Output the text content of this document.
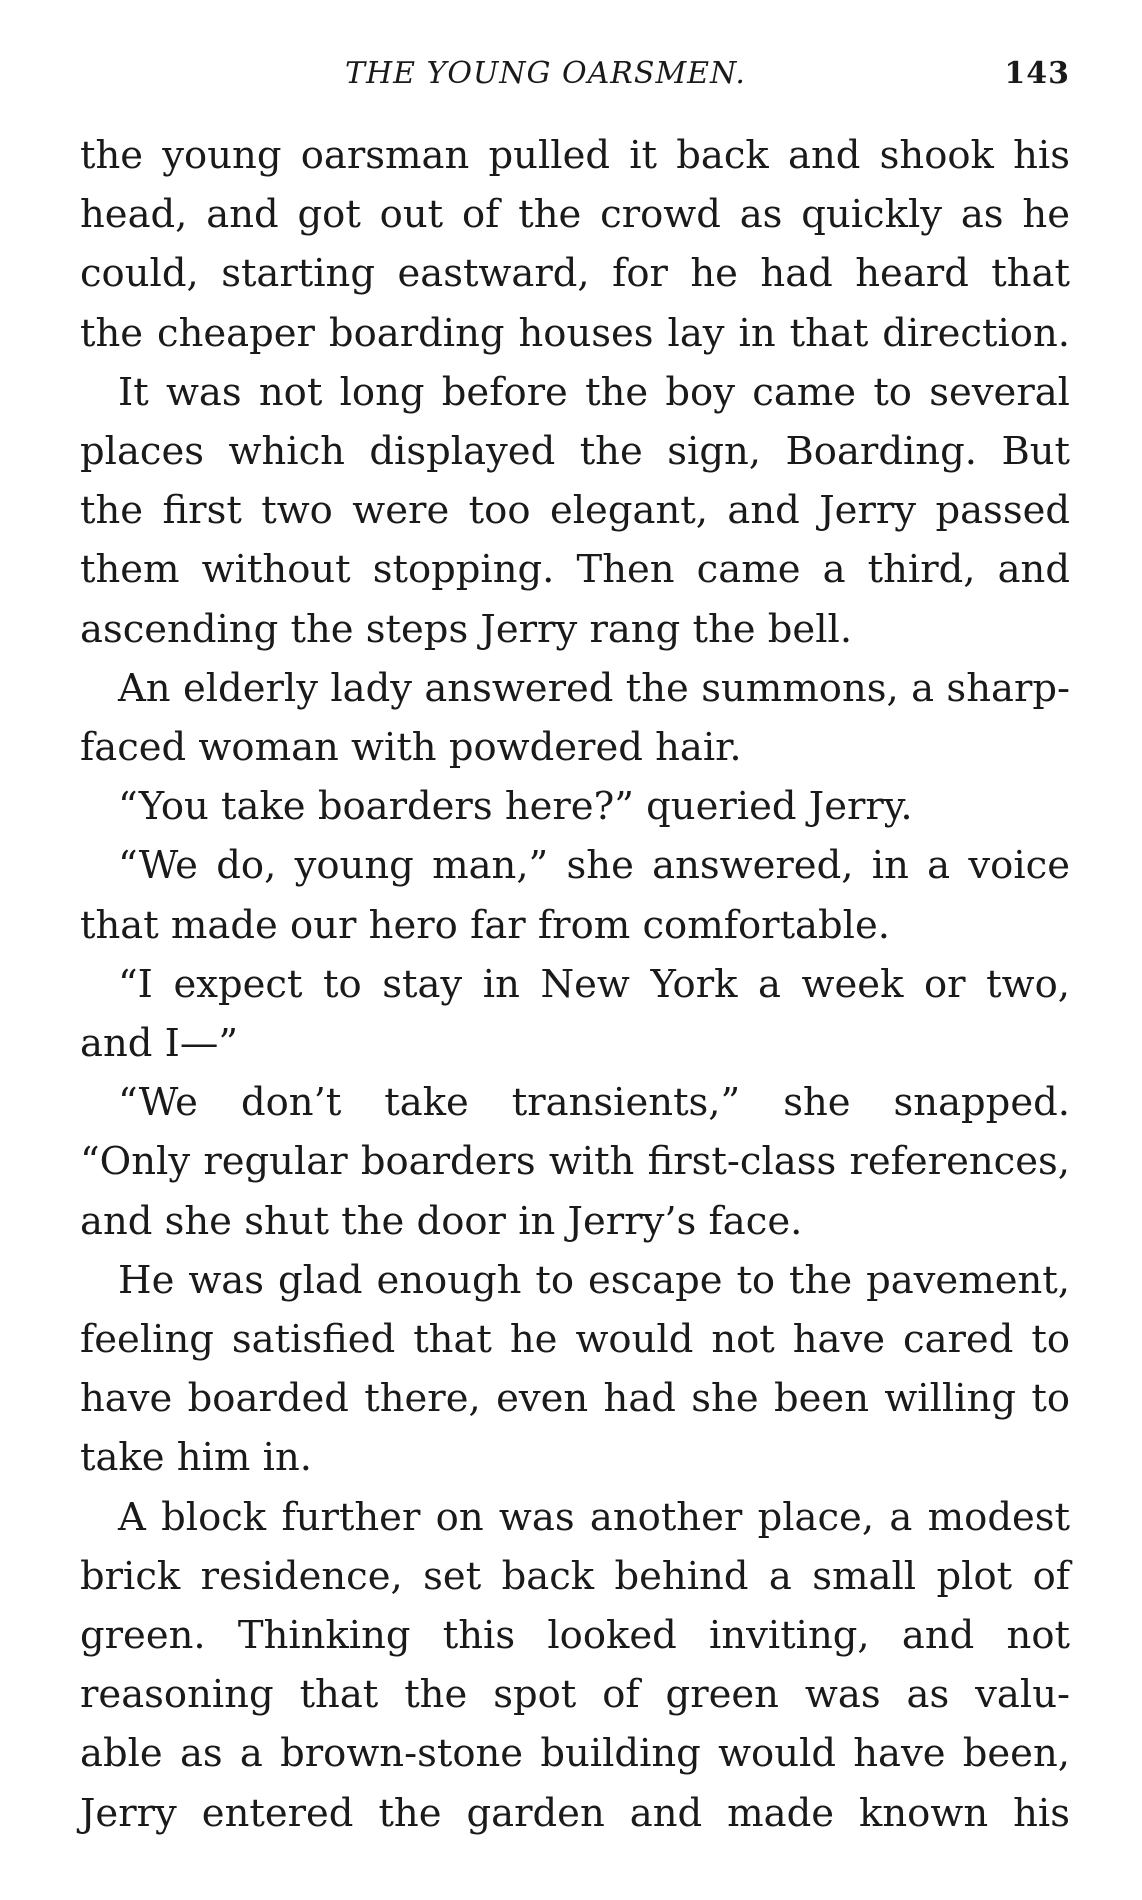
THE YOUNG OARSMEN.	143
the young oarsman pulled it back and shook his
head, and got out of the crowd as quickly as he
could, starting eastward, for he had heard that
the cheaper boarding houses lay in that direction.
It was not long before the boy came to several
places which displayed the sign, Boarding. But
the first two were too elegant, and Jerry passed
them without stopping. Then came a third, and
ascending the steps Jerry rang the bell.
An elderly lady answered the summons, a sharp-
faced woman with powdered hair.
“You take boarders here?” queried Jerry.
“We do, young man,” she answered, in a voice
that made our hero far from comfortable.
“I expect to stay in New York a week or two,
and I—”
“We don’t take transients,” she snapped.
“Only regular boarders with first-class references,
and she shut the door in Jerry’s face.
He was glad enough to escape to the pavement,
feeling satisfied that he would not have cared to
have boarded there, even had she been willing to
take him in.
A block further on was another place, a modest
brick residence, set back behind a small plot of
green. Thinking this looked inviting, and not
reasoning that the spot of green was as valu-
able as a brown-stone building would have been,
Jerry entered the garden and made known his
